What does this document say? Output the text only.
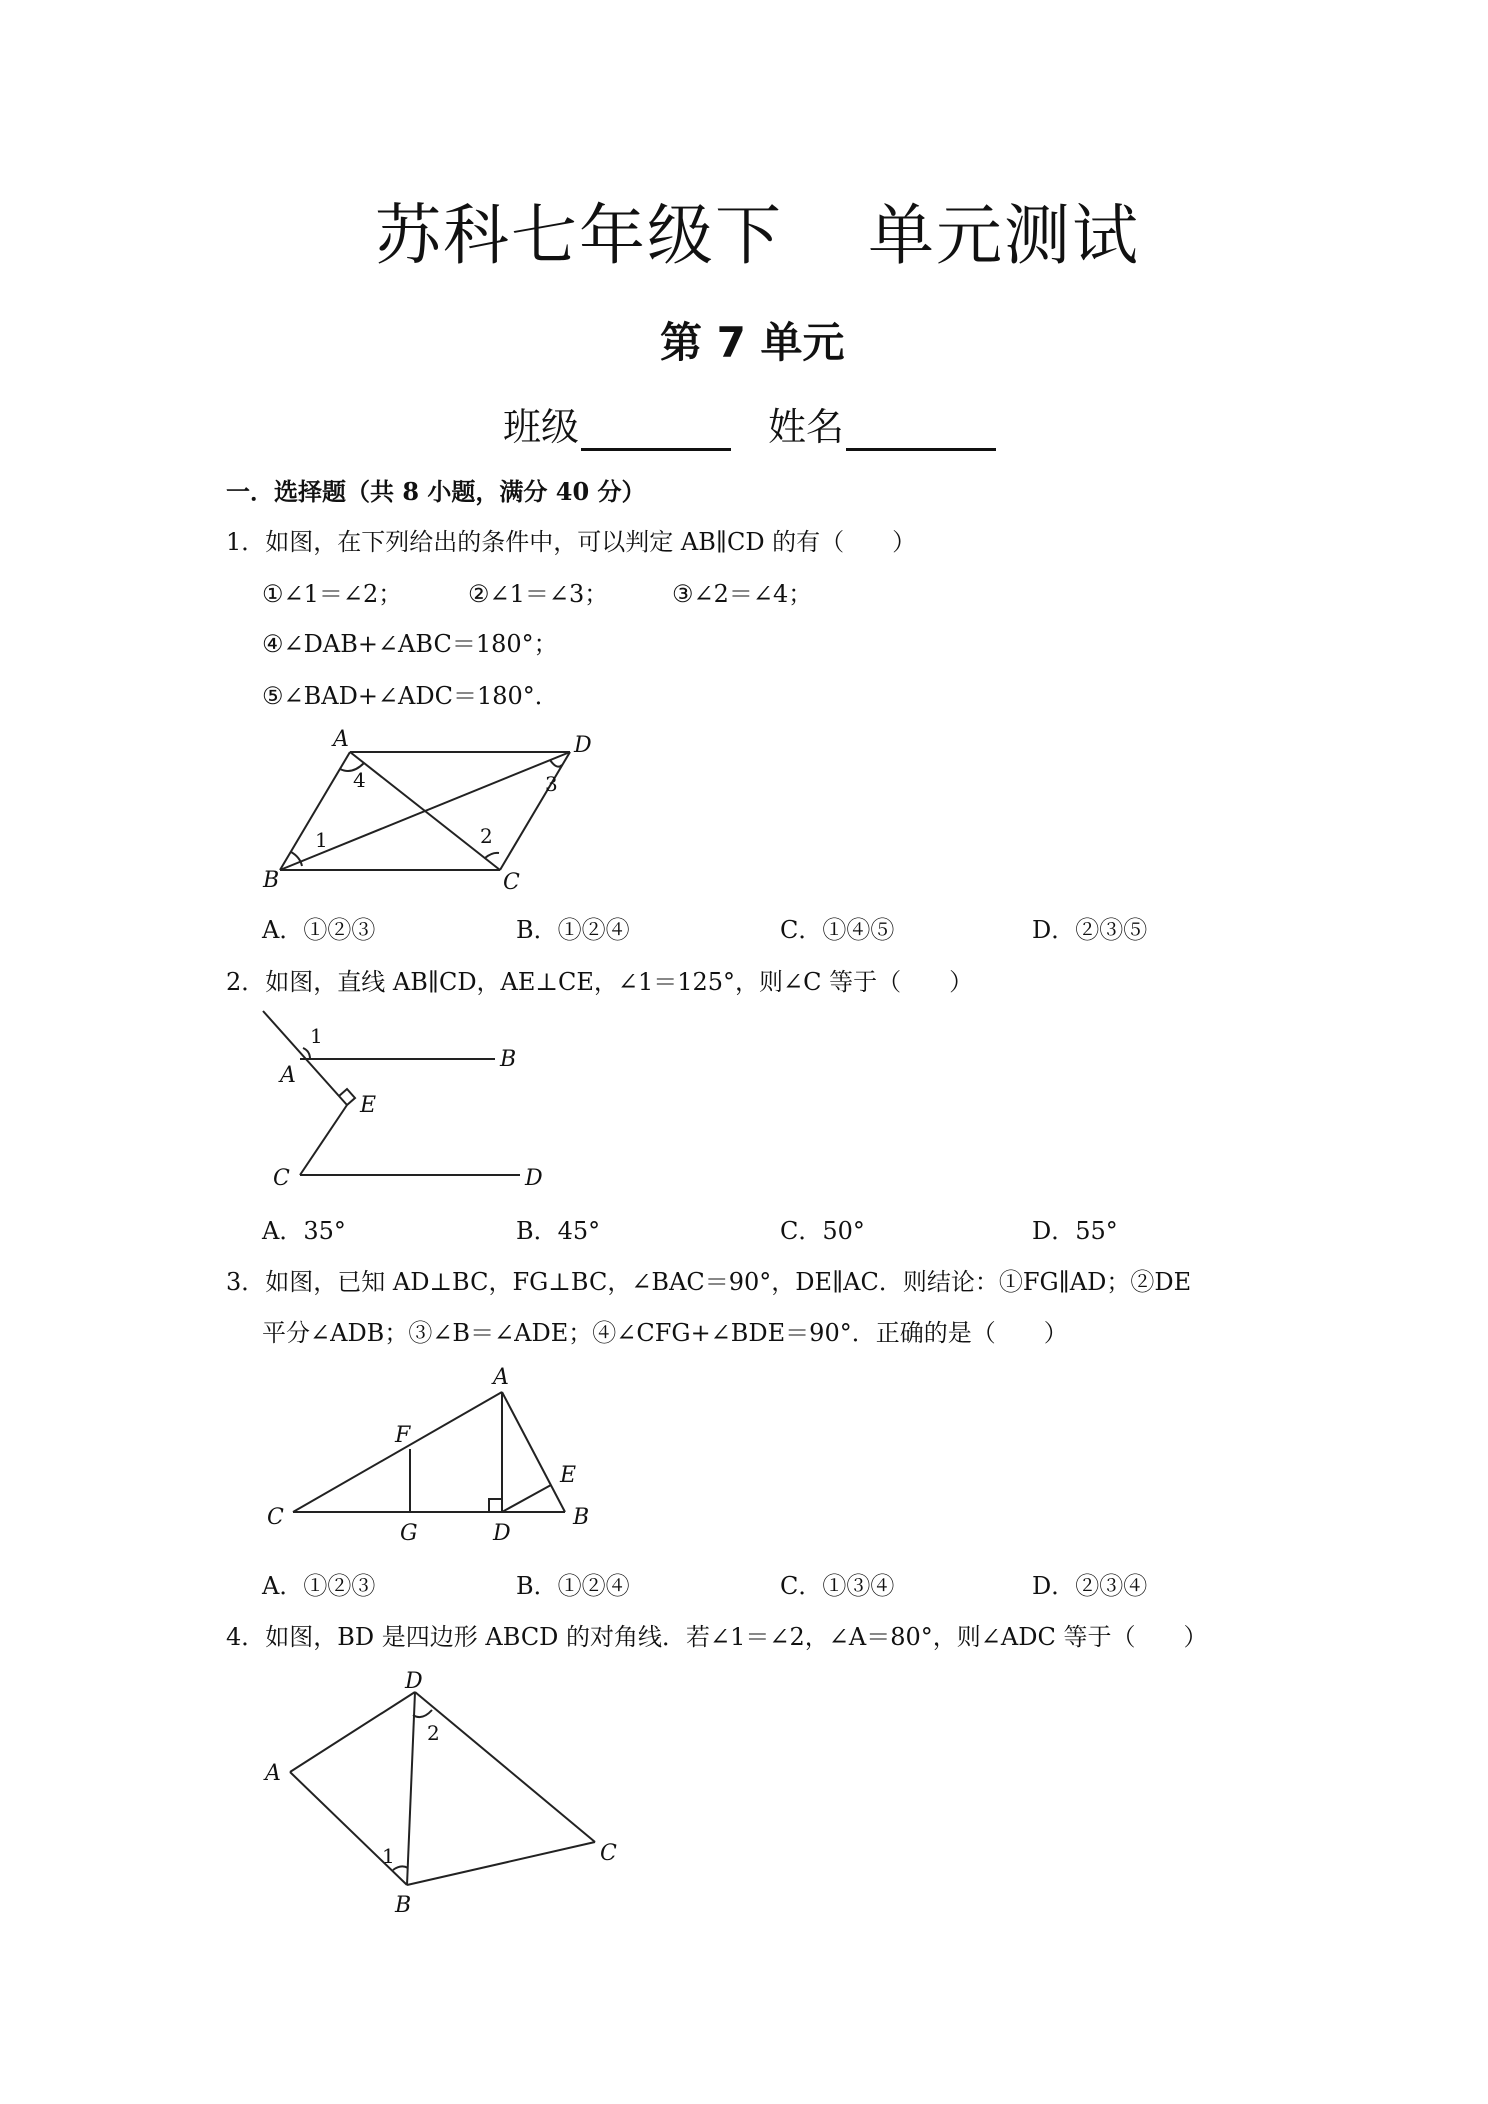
苏科七年级下 单元测试
第 7 单元
班级	姓名
一．选择题（共 8 小题，满分 40 分）
1．如图，在下列给出的条件中，可以判定 AB∥CD 的有（　　）
①∠1＝∠2；	②∠1＝∠3；	③∠2＝∠4；
④∠DAB+∠ABC＝180°；
⑤∠BAD+∠ADC＝180°．
A
B	C
D
1	2
3
4
A．①②③	B．①②④	C．①④⑤	D．②③⑤
2．如图，直线 AB∥CD，AE⊥CE，∠1＝125°，则∠C 等于（　　）
A
B
C	D
E
1
A．35°	B．45°	C．50°	D．55°
3．如图，已知 AD⊥BC，FG⊥BC，∠BAC＝90°，DE∥AC．则结论：①FG∥AD；②DE
平分∠ADB；③∠B＝∠ADE；④∠CFG+∠BDE＝90°．正确的是（　　）
A
B
C
D
E
F
G
A．①②③	B．①②④	C．①③④	D．②③④
4．如图，BD 是四边形 ABCD 的对角线．若∠1＝∠2，∠A＝80°，则∠ADC 等于（　　）
D
A
B
C
1
2
